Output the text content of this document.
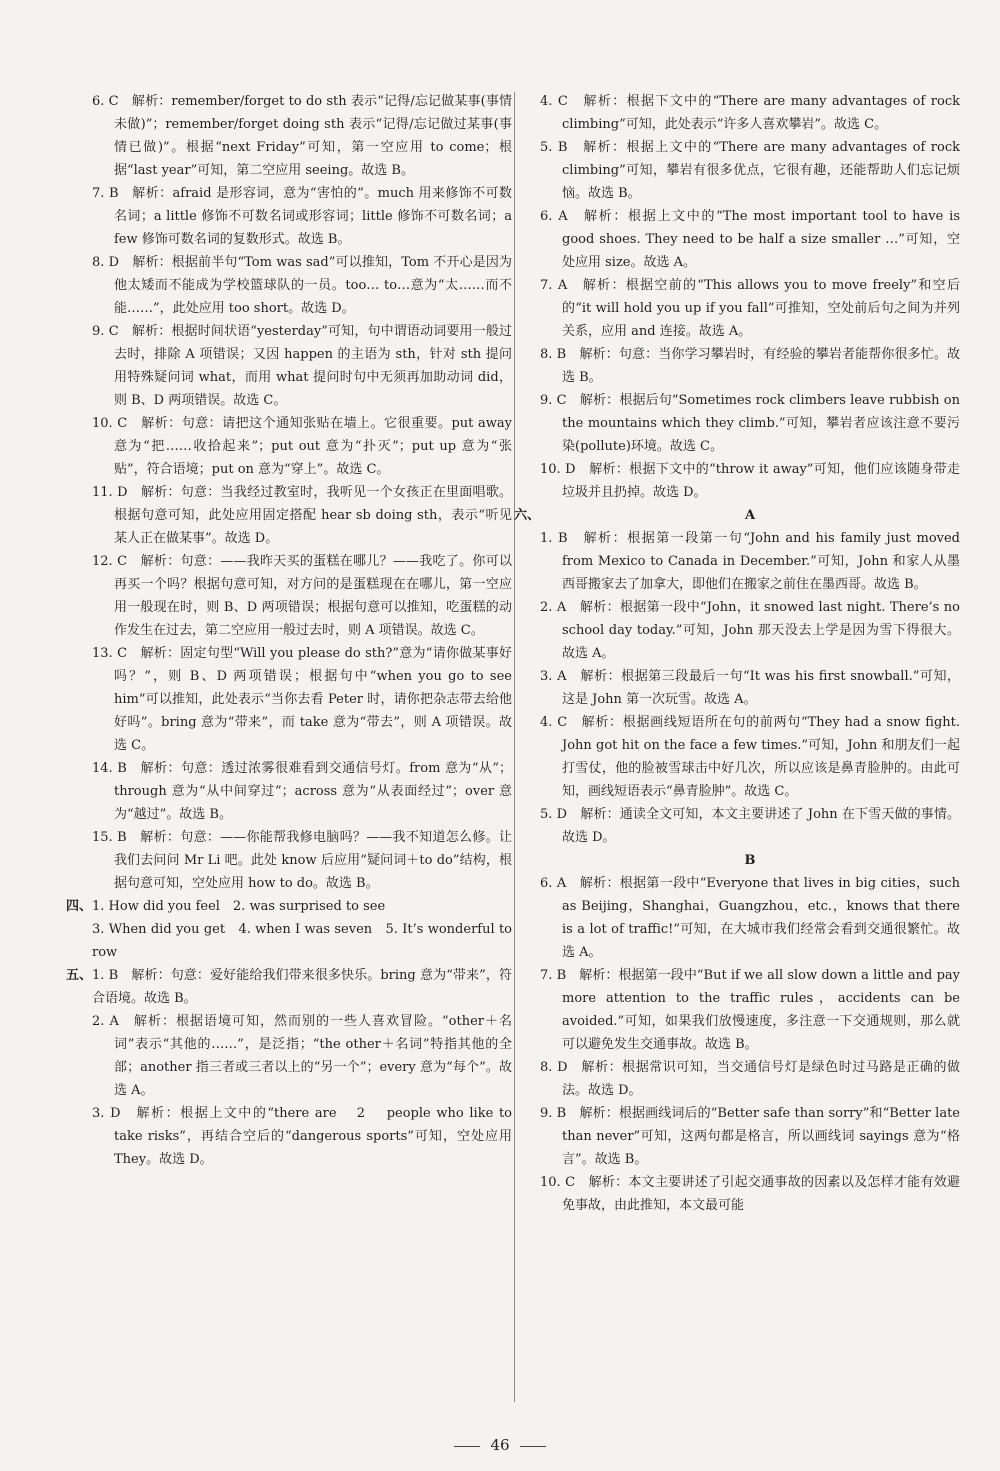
6. C　解析：remember/forget to do sth 表示“记得/忘记做某事(事情未做)”；remember/forget doing sth 表示“记得/忘记做过某事(事情已做)”。根据“next Friday”可知，第一空应用 to come；根据“last year”可知，第二空应用 seeing。故选 B。

7. B　解析：afraid 是形容词，意为“害怕的”。much 用来修饰不可数名词；a little 修饰不可数名词或形容词；little 修饰不可数名词；a few 修饰可数名词的复数形式。故选 B。

8. D　解析：根据前半句“Tom was sad”可以推知，Tom 不开心是因为他太矮而不能成为学校篮球队的一员。too… to…意为“太……而不能……”，此处应用 too short。故选 D。

9. C　解析：根据时间状语“yesterday”可知，句中谓语动词要用一般过去时，排除 A 项错误；又因 happen 的主语为 sth，针对 sth 提问用特殊疑问词 what，而用 what 提问时句中无须再加助动词 did，则 B、D 两项错误。故选 C。

10. C　解析：句意：请把这个通知张贴在墙上。它很重要。put away 意为“把……收拾起来”；put out 意为“扑灭”；put up 意为“张贴”，符合语境；put on 意为“穿上”。故选 C。

11. D　解析：句意：当我经过教室时，我听见一个女孩正在里面唱歌。根据句意可知，此处应用固定搭配 hear sb doing sth，表示“听见某人正在做某事”。故选 D。

12. C　解析：句意：——我昨天买的蛋糕在哪儿？——我吃了。你可以再买一个吗？根据句意可知，对方问的是蛋糕现在在哪儿，第一空应用一般现在时，则 B、D 两项错误；根据句意可以推知，吃蛋糕的动作发生在过去，第二空应用一般过去时，则 A 项错误。故选 C。

13. C　解析：固定句型“Will you please do sth?”意为“请你做某事好吗？”，则 B、D 两项错误；根据句中“when you go to see him”可以推知，此处表示“当你去看 Peter 时，请你把杂志带去给他好吗”。bring 意为“带来”，而 take 意为“带去”，则 A 项错误。故选 C。

14. B　解析：句意：透过浓雾很难看到交通信号灯。from 意为“从”；through 意为“从中间穿过”；across 意为“从表面经过”；over 意为“越过”。故选 B。

15. B　解析：句意：——你能帮我修电脑吗？——我不知道怎么修。让我们去问问 Mr Li 吧。此处 know 后应用“疑问词＋to do”结构，根据句意可知，空处应用 how to do。故选 B。

四、 1. How did you feel　2. was surprised to see

3. When did you get　4. when I was seven　5. It’s wonderful to row

五、 1. B　解析：句意：爱好能给我们带来很多快乐。bring 意为“带来”，符合语境。故选 B。

2. A　解析：根据语境可知，然而别的一些人喜欢冒险。“other＋名词”表示“其他的……”，是泛指；“the other＋名词”特指其他的全部；another 指三者或三者以上的“另一个”；every 意为“每个”。故选 A。

3. D　解析：根据上文中的“there are 　2　 people who like to take risks”，再结合空后的“dangerous sports”可知，空处应用 They。故选 D。

4. C　解析：根据下文中的“There are many advantages of rock climbing”可知，此处表示“许多人喜欢攀岩”。故选 C。

5. B　解析：根据上文中的“There are many advantages of rock climbing”可知，攀岩有很多优点，它很有趣，还能帮助人们忘记烦恼。故选 B。

6. A　解析：根据上文中的“The most important tool to have is good shoes. They need to be half a size smaller …”可知，空处应用 size。故选 A。

7. A　解析：根据空前的“This allows you to move freely”和空后的“it will hold you up if you fall”可推知，空处前后句之间为并列关系，应用 and 连接。故选 A。

8. B　解析：句意：当你学习攀岩时，有经验的攀岩者能帮你很多忙。故选 B。

9. C　解析：根据后句“Sometimes rock climbers leave rubbish on the mountains which they climb.”可知，攀岩者应该注意不要污染(pollute)环境。故选 C。

10. D　解析：根据下文中的“throw it away”可知，他们应该随身带走垃圾并且扔掉。故选 D。

六、	A

1. B　解析：根据第一段第一句“John and his family just moved from Mexico to Canada in December.”可知，John 和家人从墨西哥搬家去了加拿大，即他们在搬家之前住在墨西哥。故选 B。

2. A　解析：根据第一段中“John，it snowed last night. There’s no school day today.”可知，John 那天没去上学是因为雪下得很大。故选 A。

3. A　解析：根据第三段最后一句“It was his first snowball.”可知，这是 John 第一次玩雪。故选 A。

4. C　解析：根据画线短语所在句的前两句“They had a snow fight. John got hit on the face a few times.”可知，John 和朋友们一起打雪仗，他的脸被雪球击中好几次，所以应该是鼻青脸肿的。由此可知，画线短语表示“鼻青脸肿”。故选 C。

5. D　解析：通读全文可知，本文主要讲述了 John 在下雪天做的事情。故选 D。

B

6. A　解析：根据第一段中“Everyone that lives in big cities，such as Beijing，Shanghai，Guangzhou，etc.，knows that there is a lot of traffic!”可知，在大城市我们经常会看到交通很繁忙。故选 A。

7. B　解析：根据第一段中“But if we all slow down a little and pay more attention to the traffic rules，accidents can be avoided.”可知，如果我们放慢速度，多注意一下交通规则，那么就可以避免发生交通事故。故选 B。

8. D　解析：根据常识可知，当交通信号灯是绿色时过马路是正确的做法。故选 D。

9. B　解析：根据画线词后的“Better safe than sorry”和“Better late than never”可知，这两句都是格言，所以画线词 sayings 意为“格言”。故选 B。

10. C　解析：本文主要讲述了引起交通事故的因素以及怎样才能有效避免事故，由此推知，本文最可能

46
